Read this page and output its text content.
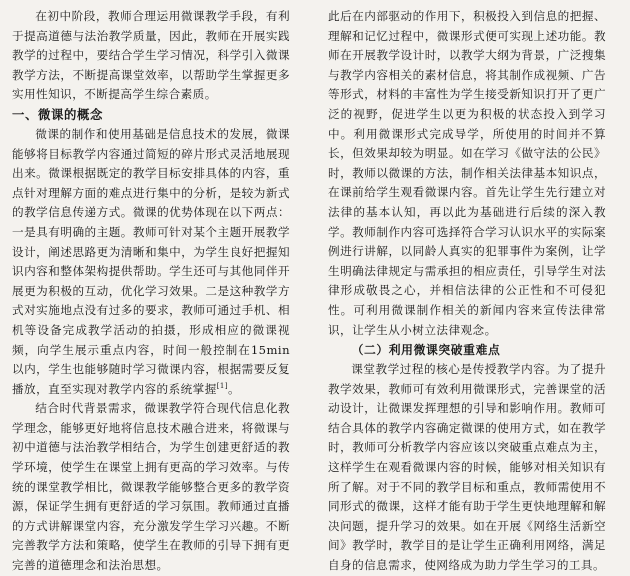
在初中阶段，教师合理运用微课教学手段，有利于提高道德与法治教学质量，因此，教师在开展实践教学的过程中，要结合学生学习情况，科学引入微课教学方法，不断提高课堂效率，以帮助学生掌握更多实用性知识，不断提高学生综合素质。

一、微课的概念

微课的制作和使用基础是信息技术的发展，微课能够将目标教学内容通过简短的碎片形式灵活地展现出来。微课根据既定的教学目标安排具体的内容，重点针对理解方面的难点进行集中的分析，是较为新式的教学信息传递方式。微课的优势体现在以下两点：一是具有明确的主题。教师可针对某个主题开展教学设计，阐述思路更为清晰和集中，为学生良好把握知识内容和整体架构提供帮助。学生还可与其他同伴开展更为积极的互动，优化学习效果。二是这种教学方式对实施地点没有过多的要求，教师可通过手机、相机等设备完成教学活动的拍摄，形成相应的微课视频，向学生展示重点内容，时间一般控制在15min以内，学生也能够随时学习微课内容，根据需要反复播放，直至实现对教学内容的系统掌握[1]。

结合时代背景需求，微课教学符合现代信息化教学理念，能够更好地将信息技术融合进来，将微课与初中道德与法治教学相结合，为学生创建更舒适的教学环境，使学生在课堂上拥有更高的学习效率。与传统的课堂教学相比，微课教学能够整合更多的教学资源，保证学生拥有更舒适的学习氛围。教师通过直播的方式讲解课堂内容，充分激发学生学习兴趣。不断完善教学方法和策略，使学生在教师的引导下拥有更完善的道德理念和法治思想。

此后在内部驱动的作用下，积极投入到信息的把握、理解和记忆过程中，微课形式便可实现上述功能。教师在开展教学设计时，以教学大纲为背景，广泛搜集与教学内容相关的素材信息，将其制作成视频、广告等形式，材料的丰富性为学生接受新知识打开了更广泛的视野，促进学生以更为积极的状态投入到学习中。利用微课形式完成导学，所使用的时间并不算长，但效果却较为明显。如在学习《做守法的公民》时，教师以微课的方法，制作相关法律基本知识点，在课前给学生观看微课内容。首先让学生先行建立对法律的基本认知，再以此为基础进行后续的深入教学。教师制作内容可选择符合学习认识水平的实际案例进行讲解，以同龄人真实的犯罪事件为案例，让学生明确法律规定与需承担的相应责任，引导学生对法律形成敬畏之心，并相信法律的公正性和不可侵犯性。可利用微课制作相关的新闻内容来宣传法律常识，让学生从小树立法律观念。

（二）利用微课突破重难点

课堂教学过程的核心是传授教学内容。为了提升教学效果，教师可有效利用微课形式，完善课堂的活动设计，让微课发挥理想的引导和影响作用。教师可结合具体的教学内容确定微课的使用方式，如在教学时，教师可分析教学内容应该以突破重点难点为主，这样学生在观看微课内容的时候，能够对相关知识有所了解。对于不同的教学目标和重点，教师需使用不同形式的微课，这样才能有助于学生更快地理解和解决问题，提升学习的效果。如在开展《网络生活新空间》教学时，教学目的是让学生正确利用网络，满足自身的信息需求，使网络成为助力学生学习的工具。
